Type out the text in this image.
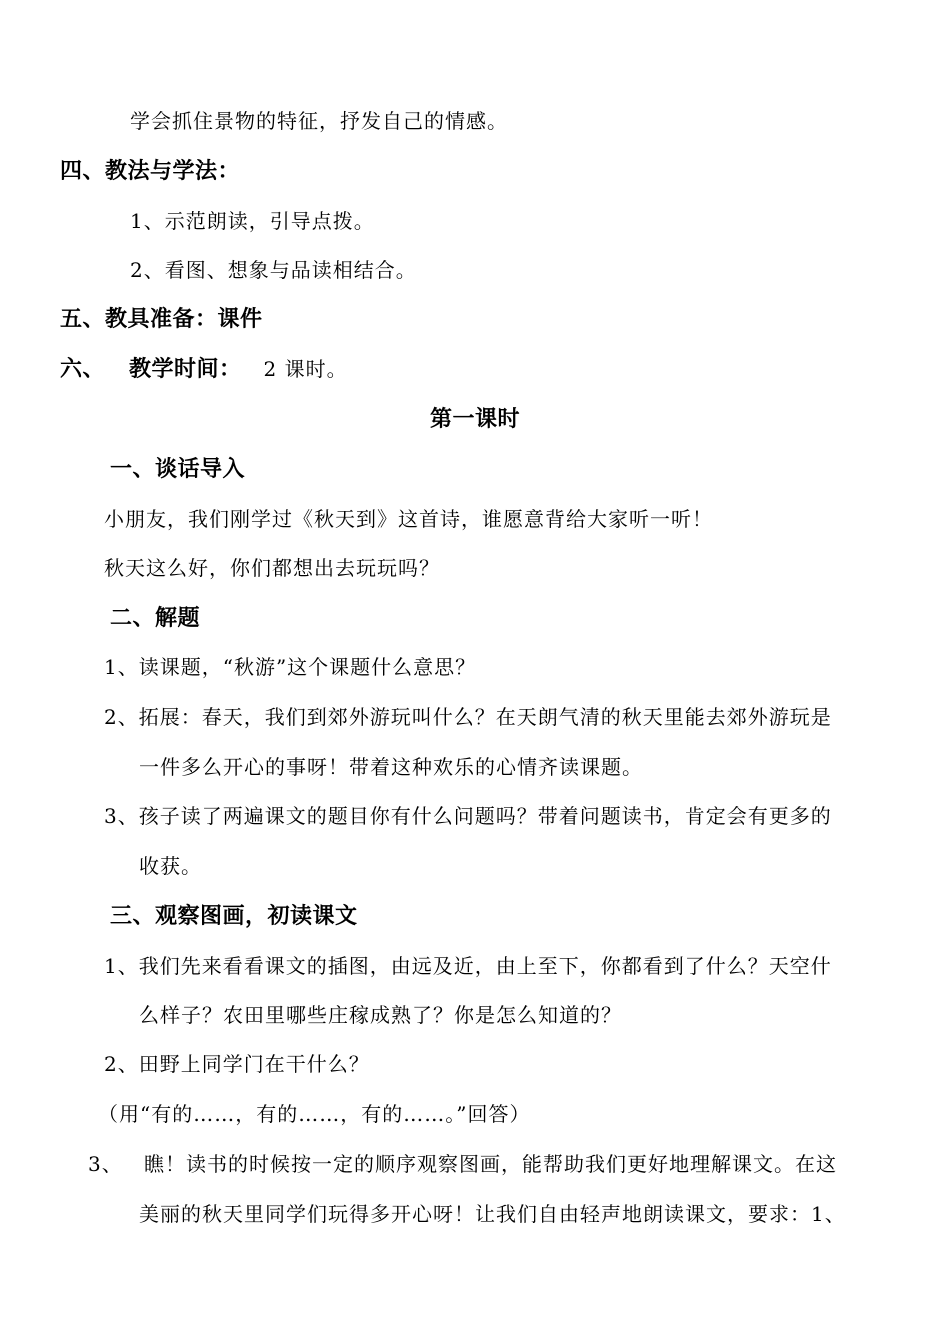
学会抓住景物的特征，抒发自己的情感。
四、教法与学法：
1、示范朗读，引导点拨。
2、看图、想象与品读相结合。
五、教具准备：课件
六、 教学时间： 2 课时。
第一课时
一、谈话导入
小朋友，我们刚学过《秋天到》这首诗，谁愿意背给大家听一听！
秋天这么好，你们都想出去玩玩吗？
二、解题
1、读课题，“秋游”这个课题什么意思？
2、拓展：春天，我们到郊外游玩叫什么？在天朗气清的秋天里能去郊外游玩是
一件多么开心的事呀！带着这种欢乐的心情齐读课题。
3、孩子读了两遍课文的题目你有什么问题吗？带着问题读书，肯定会有更多的
收获。
三、观察图画，初读课文
1、我们先来看看课文的插图，由远及近，由上至下，你都看到了什么？天空什
么样子？农田里哪些庄稼成熟了？你是怎么知道的？
2、田野上同学门在干什么？
（用“有的……，有的……，有的……。”回答）
3、 瞧！读书的时候按一定的顺序观察图画，能帮助我们更好地理解课文。在这
美丽的秋天里同学们玩得多开心呀！让我们自由轻声地朗读课文，要求：1、
